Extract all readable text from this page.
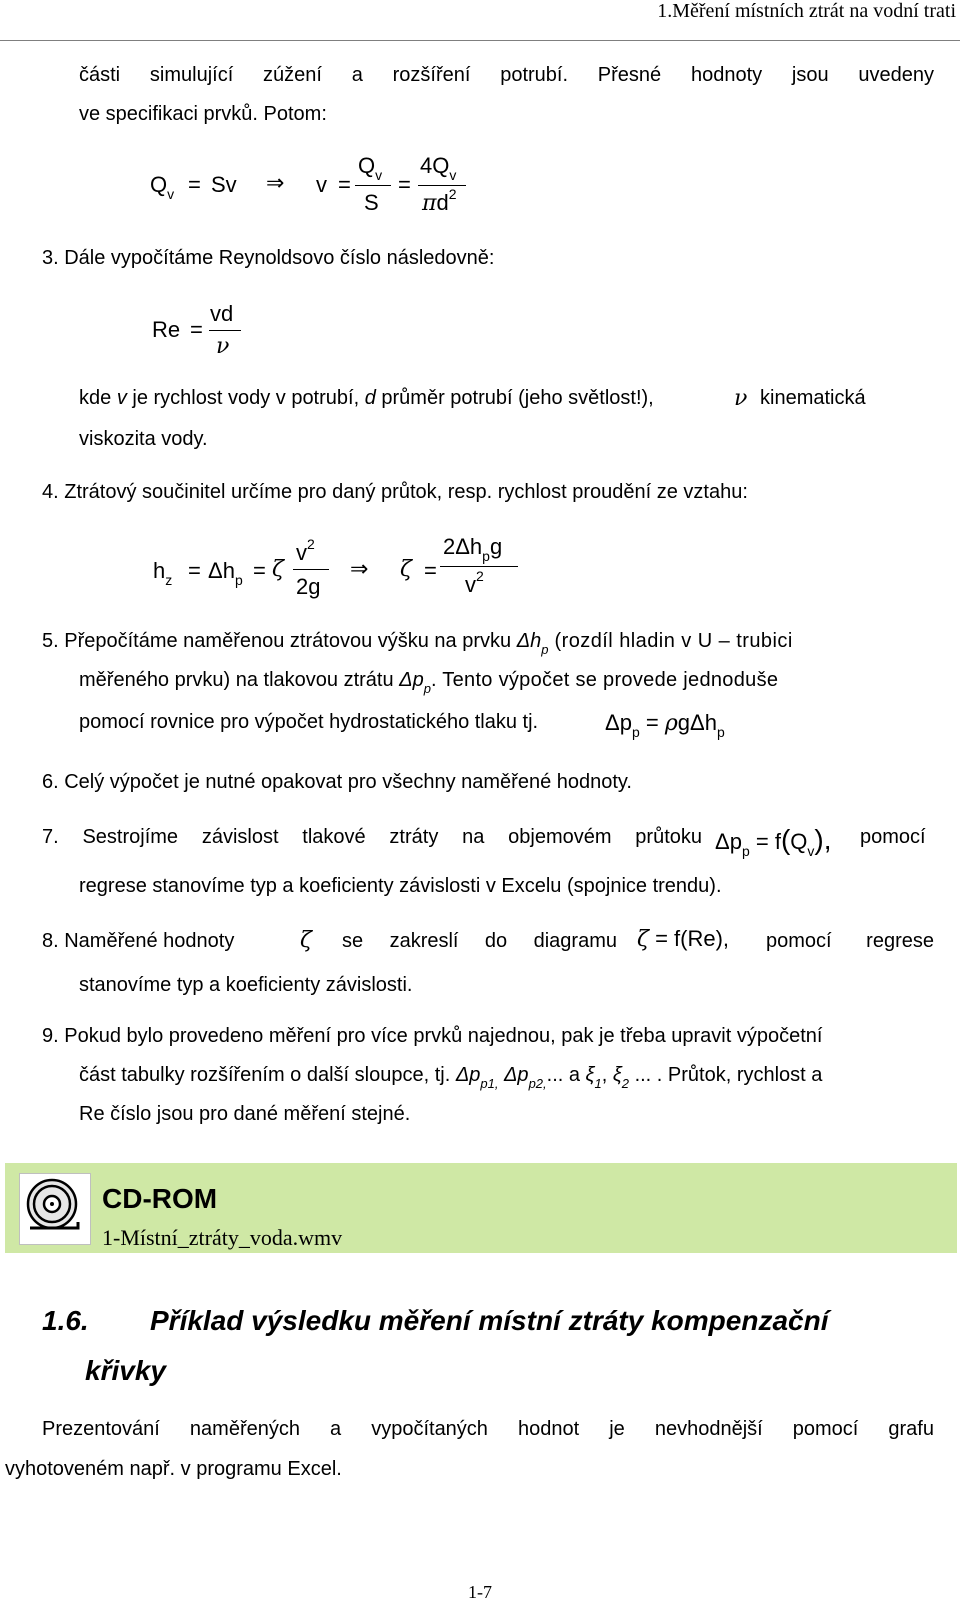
1.Měření místních ztrát na vodní trati
části simulující zúžení a rozšíření potrubí. Přesné hodnoty jsou uvedeny
ve specifikaci prvků. Potom:
$Q_v = Sv$ ⇒ v =
$Q_v$
S
=
$4Q_v$
$\pi d^2$
3. Dále vypočítáme Reynoldsovo číslo následovně:
Re =
vd
ν
kde v je rychlost vody v potrubí, d průměr potrubí (jeho světlost!),	ν kinematická
viskozita vody.
4. Ztrátový součinitel určíme pro daný průtok, resp. rychlost proudění ze vztahu:
$h_z = \Delta h_p = \zeta$
$v^2$
2g
⇒ ζ =
$2\Delta h_pg$
$v^2$
5. Přepočítáme naměřenou ztrátovou výšku na prvku $\Delta h_p$ (rozdíl hladin v U – trubici
měřeného prvku) na tlakovou ztrátu $\Delta p_p$. Tento výpočet se provede jednoduše
pomocí rovnice pro výpočet hydrostatického tlaku tj.	$\Delta p_p = \rho g\Delta h_p$
6. Celý výpočet je nutné opakovat pro všechny naměřené hodnoty.
7. Sestrojíme závislost tlakové ztráty na objemovém průtoku $\Delta p_p = f(Q_v)$, pomocí
regrese stanovíme typ a koeficienty závislosti v Excelu (spojnice trendu).
8. Naměřené hodnoty	ζ se zakreslí do diagramu ζ = f(Re), pomocí regrese
stanovíme typ a koeficienty závislosti.
9. Pokud bylo provedeno měření pro více prvků najednou, pak je třeba upravit výpočetní
část tabulky rozšířením o další sloupce, tj. $\Delta p_{p1,}$ $\Delta p_{p2,}$... a $\xi_1$, $\xi_2$ ... . Průtok, rychlost a
Re číslo jsou pro dané měření stejné.
CD-ROM
1-Místní_ztráty_voda.wmv
1.6. Příklad výsledku měření místní ztráty kompenzační
křivky
Prezentování naměřených a vypočítaných hodnot je nevhodnější pomocí grafu
vyhotoveném např. v programu Excel.
1-7
